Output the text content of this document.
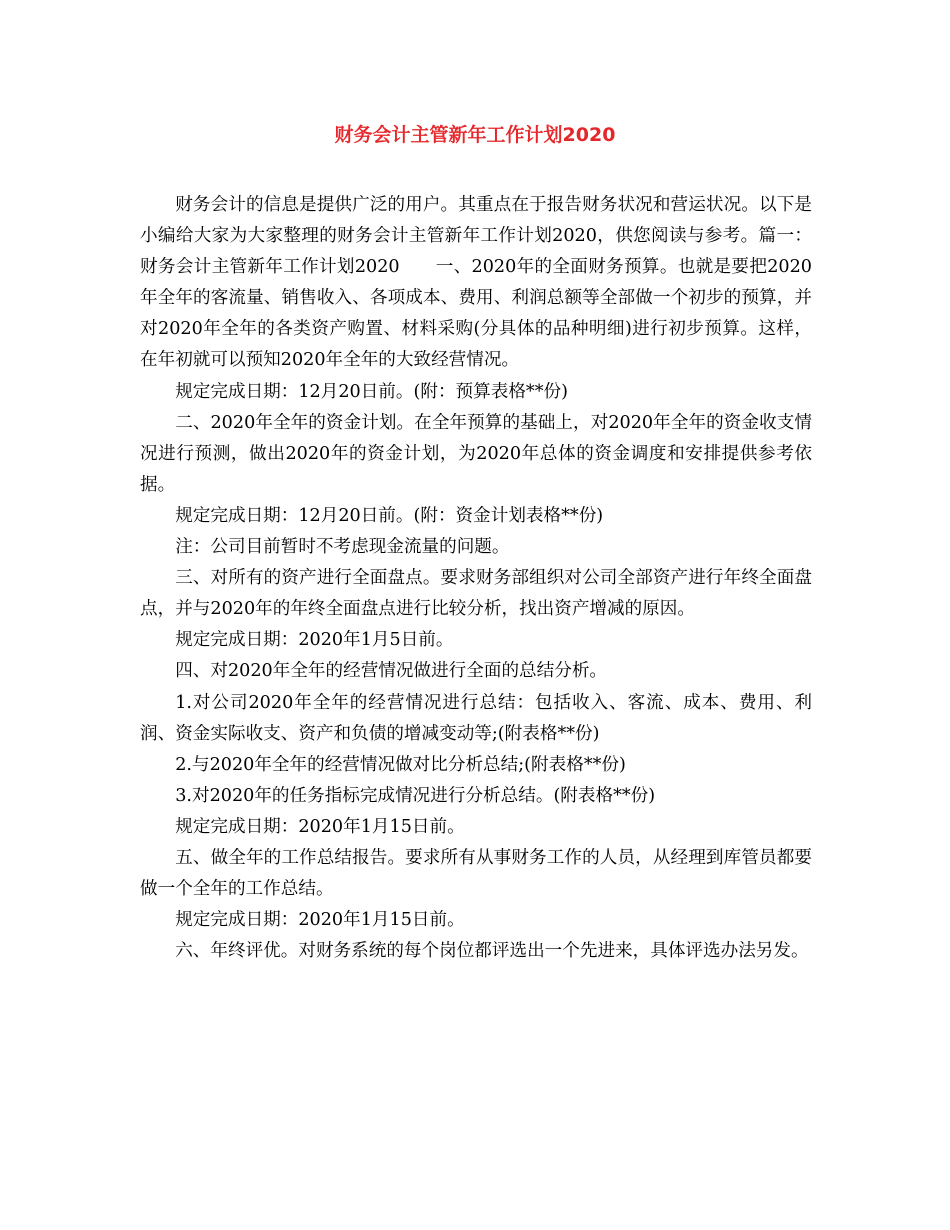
财务会计主管新年工作计划2020

财务会计的信息是提供广泛的用户。其重点在于报告财务状况和营运状况。以下是小编给大家为大家整理的财务会计主管新年工作计划2020，供您阅读与参考。篇一：财务会计主管新年工作计划2020　　一、2020年的全面财务预算。也就是要把2020年全年的客流量、销售收入、各项成本、费用、利润总额等全部做一个初步的预算，并对2020年全年的各类资产购置、材料采购(分具体的品种明细)进行初步预算。这样，在年初就可以预知2020年全年的大致经营情况。

规定完成日期：12月20日前。(附：预算表格**份)

二、2020年全年的资金计划。在全年预算的基础上，对2020年全年的资金收支情况进行预测，做出2020年的资金计划，为2020年总体的资金调度和安排提供参考依据。

规定完成日期：12月20日前。(附：资金计划表格**份)

注：公司目前暂时不考虑现金流量的问题。

三、对所有的资产进行全面盘点。要求财务部组织对公司全部资产进行年终全面盘点，并与2020年的年终全面盘点进行比较分析，找出资产增减的原因。

规定完成日期：2020年1月5日前。

四、对2020年全年的经营情况做进行全面的总结分析。

1.对公司2020年全年的经营情况进行总结：包括收入、客流、成本、费用、利润、资金实际收支、资产和负债的增减变动等;(附表格**份)

2.与2020年全年的经营情况做对比分析总结;(附表格**份)

3.对2020年的任务指标完成情况进行分析总结。(附表格**份)

规定完成日期：2020年1月15日前。

五、做全年的工作总结报告。要求所有从事财务工作的人员，从经理到库管员都要做一个全年的工作总结。

规定完成日期：2020年1月15日前。

六、年终评优。对财务系统的每个岗位都评选出一个先进来，具体评选办法另发。
